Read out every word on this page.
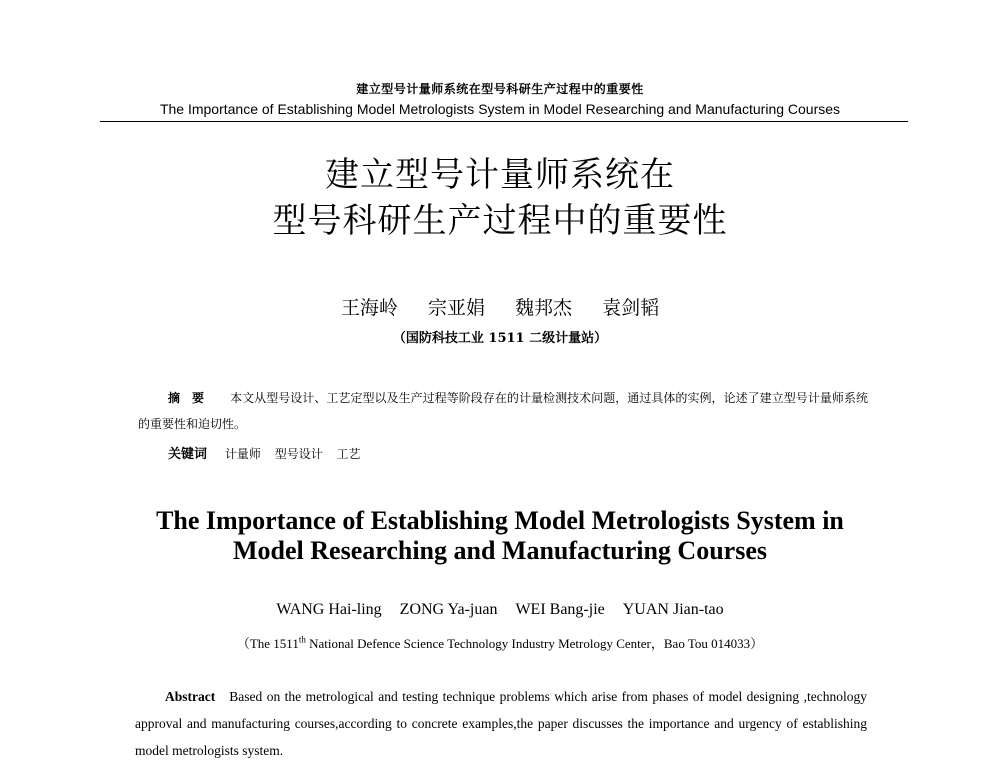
建立型号计量师系统在型号科研生产过程中的重要性
The Importance of Establishing Model Metrologists System in Model Researching and Manufacturing Courses
建立型号计量师系统在
型号科研生产过程中的重要性
王海岭 宗亚娟 魏邦杰 袁剑韬
（国防科技工业 1511 二级计量站）
摘要 本文从型号设计、工艺定型以及生产过程等阶段存在的计量检测技术问题，通过具体的实例，论述了建立型号计量师系统的重要性和迫切性。
关键词 计量师 型号设计 工艺
The Importance of Establishing Model Metrologists System in
Model Researching and Manufacturing Courses
WANG Hai-ling ZONG Ya-juan WEI Bang-jie YUAN Jian-tao
（The 1511th National Defence Science Technology Industry Metrology Center，Bao Tou 014033）
Abstract Based on the metrological and testing technique problems which arise from phases of model designing ,technology approval and manufacturing courses,according to concrete examples,the paper discusses the importance and urgency of establishing model metrologists system.
